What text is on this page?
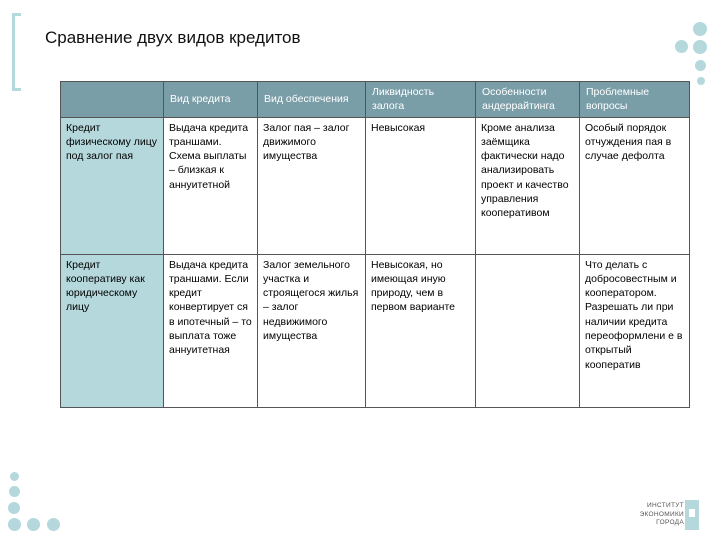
Сравнение двух видов кредитов
	Вид кредита	Вид обеспечения	Ликвидность залога	Особенности андеррайтинга	Проблемные вопросы
Кредит физическому лицу под залог пая	Выдача кредита траншами. Схема выплаты – близкая к аннуитетной	Залог пая – залог движимого имущества	Невысокая	Кроме анализа заёмщика фактически надо анализировать проект и качество управления кооперативом	Особый порядок отчуждения пая в случае дефолта
Кредит кооперативу как юридическому лицу	Выдача кредита траншами. Если кредит конвертирует ся в ипотечный – то выплата тоже аннуитетная	Залог земельного участка и строящегося жилья – залог недвижимого имущества	Невысокая, но имеющая иную природу, чем в первом варианте		Что делать с добросовестным и кооператором. Разрешать ли при наличии кредита переоформлени е в открытый кооператив
ИНСТИТУТ
ЭКОНОМИКИ
ГОРОДА
